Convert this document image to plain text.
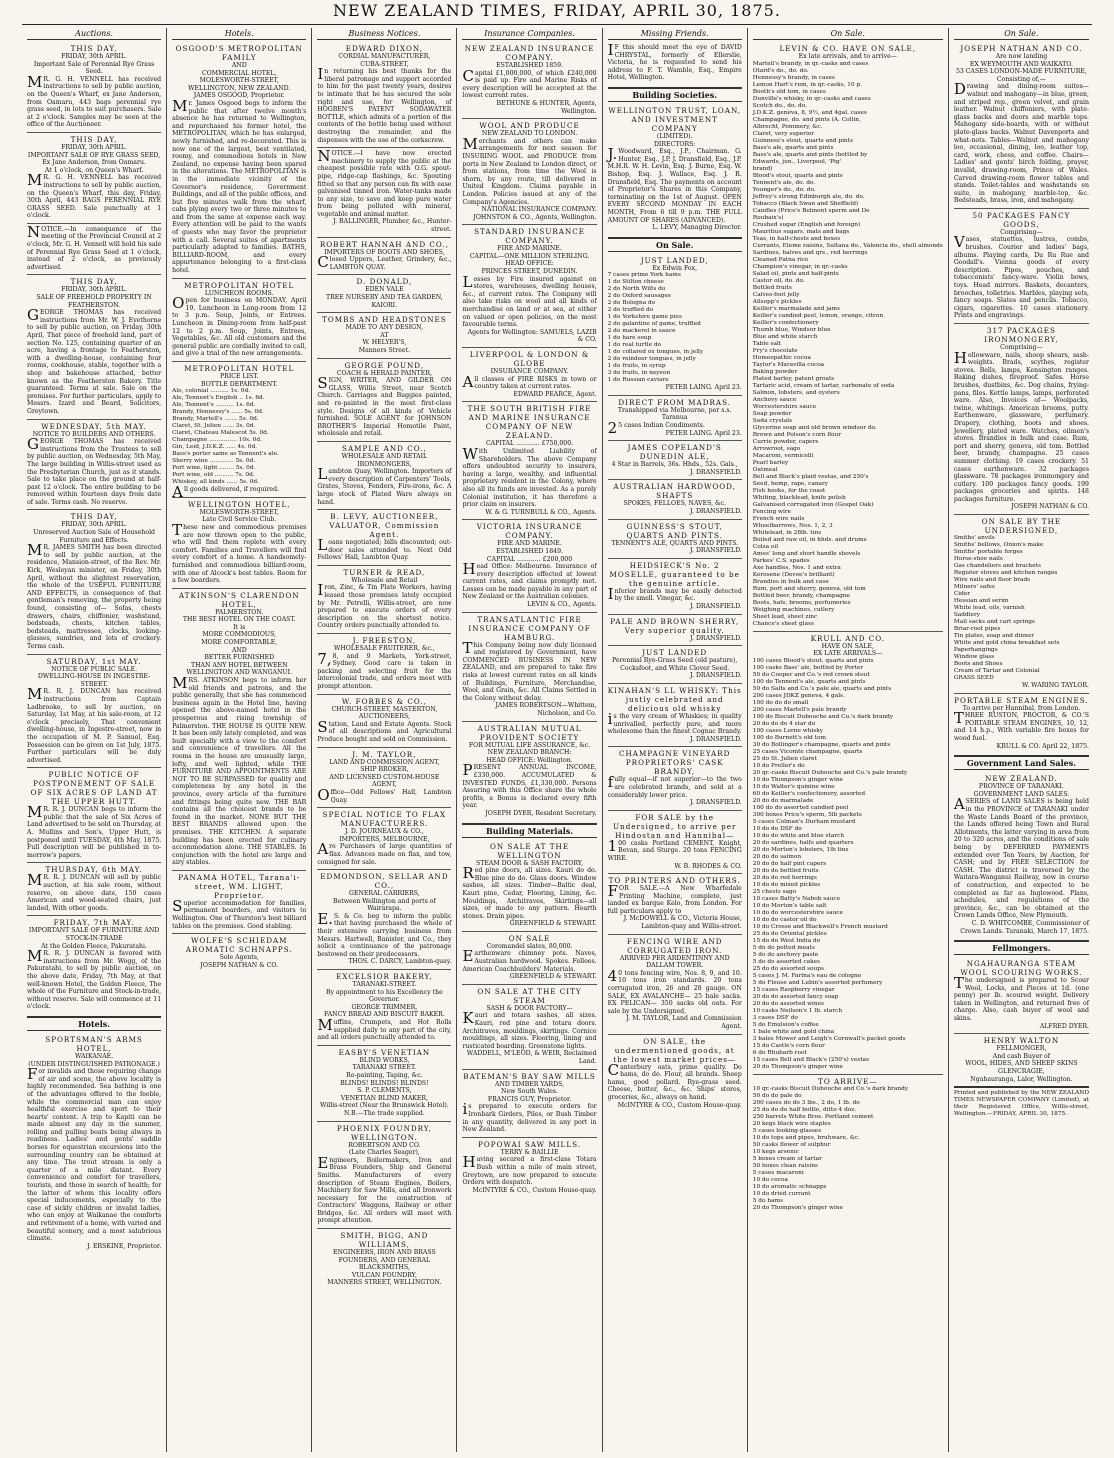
NEW ZEALAND TIMES, FRIDAY, APRIL 30, 1875.
Auctions.
THIS DAY,
FRIDAY, 30th APRIL.
Important Sale of Perennial Rye Grass Seed.
MR. G. H. VENNELL has received instructions to sell by public auction, on the Queen's Wharf, ex Jane Anderson, from Oamaru, 443 bags perennial rye grass seed, in lots to suit purchasers. Sale at 2 o'clock. Samples may be seen at the office of the Auctioneer.
THIS DAY,
FRIDAY, 30th APRIL.
IMPORTANT SALE OF RYE GRASS SEED,
Ex Jane Anderson, from Oamaru.
At 1 o'clock, on Queen's Wharf.
MR. G. H. VENNELL has received instructions to sell by public auction, on the Queen's Wharf, this day, Friday, 30th April, 443 BAGS PERENNIAL RYE GRASS SEED. Sale punctually at 1 o'clock.
NOTICE.—In consequence of the meeting of the Provincial Council at 2 o'clock, Mr. G. H. Vennell will hold his sale of Perennial Rye Grass Seed at 1 o'clock, instead of 2 o'clock, as previously advertised.
THIS DAY,
FRIDAY, 30th APRIL.
SALE OF FREEHOLD PROPERTY IN FEATHERSTON.
GEORGE THOMAS has received instructions from Mr. W. J. Eyethorne to sell by public auction, on Friday, 30th April, That piece of freehold land, part of section No. 125, containing quarter of an acre, having a frontage to Featherston, with a dwelling-house, containing four rooms, cookhouse, stable, together with a shop and bakehouse attached, better known as the Featherston Bakery. Title guaranteed. Terms at sale. Sale on the premises. For further particulars, apply to Messrs. Izard and Beard, Solicitors, Greytown.
WEDNESDAY, 5th MAY.
NOTICE TO BUILDERS AND OTHERS.
GEORGE THOMAS has received instructions from the Trustees to sell by public auction, on Wednesday, 5th May, The large building in Willis-street used as the Presbyterian Church, just as it stands. Sale to take place on the ground at half-past 12 o'clock. The entire building to be removed within fourteen days from date of sale. Terms cash. No reserve.
THIS DAY,
FRIDAY, 30th APRIL.
Unreserved Auction Sale of Household Furniture and Effects.
MR. JAMES SMITH has been directed to sell by public auction, at the residence, Mansion-street, of the Rev. Mr. Kirk, Wesleyan minister, on Friday, 30th April, without the slightest reservation, the whole of the USEFUL FURNITURE AND EFFECTS, in consequence of that gentleman's removing, the property being found, consisting of— Sofas, chests drawers, chairs, chiffonier, washstand, bedsteads, chests, kitchen tables, bedsteads, mattresses, clocks, looking-glasses, sundries, and lots of crockery. Terms cash.
SATURDAY, 1st MAY.
NOTICE OF PUBLIC SALE.
DWELLING-HOUSE IN INGESTRE-STREET.
MR. R. J. DUNCAN has received instructions from Captain Ladbrooke, to sell by auction, on Saturday, 1st May, at his sale-room, at 12 o'clock precisely, That convenient dwelling-house, in Ingestre-street, now in the occupation of M. P. Samuel, Esq. Possession can be given on 1st July, 1875. Further particulars will be duly advertised.
PUBLIC NOTICE OF POSTPONEMENT OF SALE OF SIX ACRES OF LAND AT THE UPPER HUTT.
MR. R. J. DUNCAN begs to inform the public that the sale of Six Acres of Land advertised to be sold on Thursday, at A. Mullins and Son's, Upper Hutt, is postponed until TUESDAY, 4th May, 1875. Full description will be published in to-morrow's papers.
THURSDAY, 6th MAY.
MR. R. J. DUNCAN will sell by public auction, at his sale room, without reserve, on above date, 150 cases American and wood-seated chairs, just landed, With other goods.
FRIDAY, 7th MAY.
IMPORTANT SALE OF FURNITURE AND STOCK-IN-TRADE
At the Golden Fleece, Pakuratahi.
MR. R. J. DUNCAN is favored with instructions from Mr. Wogg, of the Pakuratahi, to sell by public auction, on the above date, Friday, 7th May, at that well-known Hotel, the Golden Fleece, The whole of the Furniture and Stock-in-trade, without reserve. Sale will commence at 11 o'clock.
Hotels.
SPORTSMAN'S ARMS HOTEL,
WAIKANAE.
(UNDER DISTINGUISHED PATRONAGE.)
For invalids and those requiring change of air and scene, the above locality is highly recommended. Sea bathing is one of the advantages offered to the feeble, while the commercial man can enjoy healthful exercise and sport to their hearts' content. A trip to Kapiti can be made almost any day in the summer, rolling and pulling boats being always in readiness. Ladies' and gents' saddle horses for equestrian excursions into the surrounding country can be obtained at any time. The trout stream is only a quarter of a mile distant. Every convenience and comfort for travellers, tourists, and those in search of health; for the latter of whom this locality offers special inducements, especially to the case of sickly children or invalid ladies, who can enjoy at Waikanae the comforts and retirement of a home, with varied and beautiful scenery, and a most salubrious climate.
J. ERSKINE, Proprietor.
Hotels.
OSGOOD'S METROPOLITAN FAMILY
AND
COMMERCIAL HOTEL,
MOLESWORTH-STREET,
WELLINGTON, NEW ZEALAND.
JAMES OSGOOD, Proprietor.
Mr. James Osgood begs to inform the public that after twelve month's absence he has returned to Wellington, and repurchased his former hotel, the METROPOLITAN, which he has enlarged, newly furnished, and re-decorated. This is now one of the largest, best ventilated, roomy, and commodious hotels in New Zealand, no expense having been spared in the alterations. The METROPOLITAN is in the immediate vicinity of the Governor's residence, Government Buildings, and all of the public offices, and but five minutes walk from the wharf, cabs plying every two or three minutes to and from the same at expense each way. Every attention will be paid to the wants of guests who may favor the proprietor with a call. Several suites of apartments particularly adapted to families. BATHS, BILLIARD-ROOM, and every appurtenance belonging to a first-class hotel.
METROPOLITAN HOTEL
LUNCHEON ROOMS.
Open for business on MONDAY, April 19. Luncheon in Long-room from 12 to 3 p.m. Soup, Joints, or Entrees. Luncheon in Dining-room from half-past 12 to 2 p.m. Soup, Joints, Entrees, Vegetables, &c. All old customers and the general public are cordially invited to call, and give a trial of the new arrangements.
METROPOLITAN HOTEL
PRICE LIST.
BOTTLE DEPARTMENT.
Ale, colonial .......... 1s. 0d.
Ale, Tennent's English .. 1s. 6d.
Ale, Tennent's .......... 1s. 6d.
Brandy, Hennessy's ...... 5s. 0d.
Brandy, Martell's ....... 5s. 0d.
Claret, St. Julien ...... 3s. 0d.
Claret, Chateau Malescot 5s. 0d.
Champagne ............... 10s. 0d.
Gin, Leid, J.D.K.Z. ..... 4s. 0d.
Bass's porter same as Tennent's ale.
Sherry wine ............. 5s. 0d.
Port wine, light ........ 5s. 0d.
Port wine, old .......... 7s. 0d.
Whiskey, all kinds ...... 5s. 0d.
All goods delivered, if required.
WELLINGTON HOTEL,
MOLESWORTH-STREET,
Late Civil Service Club.
These new and commodious premises are now thrown open to the public, who will find them replete with every comfort. Families and Travellers will find every comfort of a home. A handsomely-furnished and commodious billiard-room, with one of Alcock's best tables. Room for a few boarders.
ATKINSON'S CLARENDON HOTEL,
PALMERSTON.
THE BEST HOTEL ON THE COAST.
It is
MORE COMMODIOUS,
MORE COMFORTABLE,
AND
BETTER FURNISHED
THAN ANY HOTEL BETWEEN
WELLINGTON AND WANGANUI.
MRS. ATKINSON begs to inform her old friends and patrons, and the public generally, that she has commenced business again in the Hotel line, having opened the above-named hotel in the prosperous and rising township of Palmerston. THE HOUSE IS QUITE NEW. It has been only lately completed, and was built specially with a view to the comfort and convenience of travellers. All the rooms in the house are unusually large, lofty, and well lighted, while THE FURNITURE AND APPOINTMENTS ARE NOT TO BE SURPASSED for quality and completeness by any hotel in the province, every article of the furniture and fittings being quite new. THE BAR contains all the choicest brands to be found in the market. NONE BUT THE BEST BRANDS allowed upon the premises. THE KITCHEN. A separate building has been erected for culinary accommodation alone. THE STABLES. In conjunction with the hotel are large and airy stables.
PANAMA HOTEL, Tarana'i-street, WM. LIGHT, Proprietor.
Superior accommodation for families, permanent boarders, and visitors to Wellington. One of Thurston's best billiard tables on the premises. Good stabling.
WOLFE'S SCHIEDAM AROMATIC SCHNAPPS.
Sole Agents,
JOSEPH NATHAN & CO.
Business Notices.
EDWARD DIXON,
CORDIAL MANUFACTURER,
CUBA-STREET,
In returning his best thanks for the liberal patronage and support accorded to him for the past twenty years, desires to intimate that he has secured the sole right and use, for Wellington, of HOGBEN'S PATENT SODAWATER BOTTLE, which admits of a portion of the contents of the bottle being used without destroying the remainder, and the dispenses with the use of the corkscrew.
NOTICE.—I have now erected machinery to supply the public at the cheapest possible rate with O.G. spout-pipe, ridge-cap flashings, &c. Spouting fitted so that any person can fix with ease galvanised tinned iron. Water-tanks made to any size, to save and keep pure water from being polluted with mineral, vegetable and animal matter.
J. BALLINGER, Plumber, &c., Hunter-street.
ROBERT HANNAH AND CO.,
IMPORTERS OF BOOTS AND SHOES,
Closed Uppers, Leather, Grindery, &c., LAMBTON QUAY.
D. DONALD,
EDEN VALE
TREE NURSERY AND TEA GARDEN,
KAIORI.
TOMBS AND HEADSTONES
MADE TO ANY DESIGN,
AT
W. HELYER'S,
Manners Street.
GEORGE POUND,
COACH & HERALD PAINTER,
SIGN, WRITER, AND GILDER ON GLASS, Willis Street, near Scotch Church. Carriages and Buggies painted, and re-painted in the most first-class style. Designs of all kinds of Vehicle furnished. SOLE AGENT for JOHNSON BROTHER'S Imperial Homotile Paint, wholesale and retail.
SAMPLE AND CO.,
WHOLESALE AND RETAIL IRONMONGERS,
Lambton Quay, Wellington. Importers of every description of Carpenters' Tools, Grates, Stoves, Fenders, Fire-irons, &c. A large stock of Plated Ware always on hand.
B. LEVY, AUCTIONEER, VALUATOR, Commission Agent.
Loans negotiated; bills discounted; out-door sales attended to. Next Odd Fellows' Hall, Lambton Quay.
TURNER & READ,
Wholesale and Retail
Iron, Zinc, & Tin Plate Workers, having leased those premises lately occupied by Mr. Petrelli, Willis-street, are now prepared to execute orders of every description on the shortest notice. Country orders punctually attended to.
J. FREESTON,
WHOLESALE FRUITERER, &c.,
7,8, and 9 Markets, York-street, Sydney. Good care is taken in packing and selecting fruit for the intercolonial trade, and orders meet with prompt attention.
W. FORBES & CO.,
CHURCH-STREET, MASTERTON,
AUCTIONEERS,
Station, Land and Estate Agents. Stock of all descriptions and Agricultural Produce bought and sold on Commission.
J. M. TAYLOR,
LAND AND COMMISSION AGENT,
SHIP BROKER,
AND LICENSED CUSTOM-HOUSE AGENT,
Office—Odd Fellows' Hall, Lambton Quay.
SPECIAL NOTICE TO FLAX MANUFACTURERS.
J. D. JOURNEAUX & CO.,
IMPORTERS, MELBOURNE,
Are Purchasers of large quantities of flax. Advances made on flax, and tow, consigned for sale.
EDMONDSON, SELLAR AND CO.,
GENERAL CARRIERS,
Between Wellington and ports of Wairarapa.
E.S. & Co. beg to inform the public that having purchased the whole of their extensive carrying business from Messrs. Hartwell, Banister, and Co., they solicit a continuance of the patronage bestowed on their predecessors.
THOS. C. DARCY, Lambton-quay.
EXCELSIOR BAKERY,
TARANAKI-STREET.
By appointment to his Excellency the Governor.
GEORGE TRIMMER,
FANCY BREAD AND BISCUIT BAKER.
Muffins, Crumpets, and Hot Rolls supplied daily to any part of the city, and all orders punctually attended to.
EASBY'S VENETIAN
BLIND WORKS,
TARANAKI STREET.
Re-painting, Taping, &c.
BLINDS! BLINDS! BLINDS!
S. P. CLEMENTS,
VENETIAN BLIND MAKER,
Willis-street (Near the Brunswick Hotel).
N.B.—The trade supplied.
PHOENIX FOUNDRY, WELLINGTON.
ROBERTSON AND CO.
(Late Charles Seager),
Engineers, Boilermakers, Iron and Brass Founders, Ship and General Smiths. Manufacturers of every description of Steam Engines, Boilers, Machinery for Saw Mills, and all Ironwork necessary for the construction of Contractors' Waggons, Railway or other Bridges, &c. All orders will meet with prompt attention.
SMITH, BIGG, AND WILLIAMS,
ENGINEERS, IRON AND BRASS FOUNDERS, AND GENERAL BLACKSMITHS,
VULCAN FOUNDRY,
MANNERS STREET, WELLINGTON.
Insurance Companies.
NEW ZEALAND INSURANCE COMPANY.
ESTABLISHED 1859.
Capital £1,000,000, of which £240,000 is paid up. Fire and Marine Risks of every description will be accepted at the lowest current rates.
BETHUNE & HUNTER, Agents, Wellington.
WOOL AND PRODUCE
NEW ZEALAND TO LONDON.
Merchants and others can make arrangements for next season for INSURING WOOL and PRODUCE from ports in New Zealand to London direct, or from stations, from time the Wool is shorn, by any route, till delivered in United Kingdom. Claims payable in London. Policies issued at any of the Company's Agencies.
NATIONAL INSURANCE COMPANY. JOHNSTON & CO., Agents, Wellington.
STANDARD INSURANCE COMPANY.
FIRE AND MARINE.
CAPITAL—ONE MILLION STERLING.
HEAD OFFICE:
PRINCES STREET, DUNEDIN.
Losses by Fire insured against on stores, warehouses, dwelling houses, &c., at current rates. The Company will also take risks on wool and all kinds of merchandise on land or at sea, at either on valued or open policies, on the most favourable terms.
Agents for Wellington: SAMUELS, LAZIB & CO.
LIVERPOOL & LONDON & GLOBE
INSURANCE COMPANY.
All classes of FIRE RISKS in town or country taken at current rates.
EDWARD PEARCE, Agent.
THE SOUTH BRITISH FIRE AND MARINE INSURANCE COMPANY OF NEW ZEALAND.
CAPITAL ............ £750,000.
With Unlimited Liability of Shareholders. The above Company offers undoubted security to insurers, having a large, wealthy, and influential proprietary resident in the Colony, where also all its funds are invested. As a purely Colonial institution, it has therefore a prior claim on insurers.
W. & G. TURNBULL & CO., Agents.
VICTORIA INSURANCE COMPANY.
FIRE AND MARINE.
ESTABLISHED 1849.
CAPITAL ............ £200,000
Head Office: Melbourne. Insurance of every description effected at lowest current rates, and claims promptly met. Losses can be made payable in any part of New Zealand or the Australian colonies.
LEVIN & CO., Agents.
TRANSATLANTIC FIRE INSURANCE COMPANY OF HAMBURG.
This Company being now duly licensed and registered by Government, have COMMENCED BUSINESS IN NEW ZEALAND, and are prepared to take fire risks at lowest current rates on all kinds of Buildings, Furniture, Merchandise, Wool, and Grain, &c. All Claims Settled in the Colony without delay.
JAMES ROBERTSON—Whittem, Nicholson, and Co.
AUSTRALIAN MUTUAL PROVIDENT SOCIETY
FOR MUTUAL LIFE ASSURANCE, &c.
NEW ZEALAND BRANCH:
HEAD OFFICE: Wellington.
PRESENT ANNUAL INCOME, £330,000. ACCUMULATED & INVESTED FUNDS, £1,330,000. Persons Assuring with this Office share the whole profits, a Bonus is declared every fifth year.
JOSEPH DYER, Resident Secretary.
Building Materials.
ON SALE AT THE WELLINGTON
STEAM DOOR & SASH FACTORY,
Red pine doors, all sizes. Kauri do do. Blue pine do do. Glass doors. Window sashes, all sizes. Timber—Baltic deal, Kauri pine, Cedar, Flooring, Lining, &c. Mouldings, Architraves, Skirtings—all sizes, or made to any pattern. Hearth stones. Drain pipes.
GREENFIELD & STEWART.
ON SALE
Coromandel slates, 80,000.
Earthenware chimney pots. Naves, Australian hardwood. Spokes. Felloes. American Coachbuilders' Materials.
GREENFIELD & STEWART.
ON SALE AT THE CITY STEAM
SASH & DOOR FACTORY—
Kauri and totara sashes, all sizes. Kauri, red pine and totara doors. Architraves, mouldings, skirtings. Cornice mouldings, all sizes. Flooring, lining and rusticated boarding. Greenstone lights.
WADDELL, M'LEOD, & WEIR, Reclaimed Land.
BATEMAN'S BAY SAW MILLS
AND TIMBER YARDS,
New South Wales.
FRANCIS GUY, Proprietor.
is prepared to execute orders for Ironbark Girders, Piles, or Bush Timber in any quantity, delivered in any port in New Zealand.
POPOWAI SAW MILLS.
TERRY & BAILLIE
Having secured a first-class Totara Bush within a mile of main street, Greytown, are now prepared to execute Orders with despatch.
McINTYRE & CO., Custom House-quay.
Missing Friends.
IF this should meet the eye of DAVID CHRYSTAL, formerly of Ellerslie, Victoria, he is requested to send his address to F. T. Wamble, Esq., Empire Hotel, Wellington.
Building Societies.
WELLINGTON TRUST, LOAN, AND INVESTMENT COMPANY
(LIMITED).
DIRECTORS:
J.Woodward, Esq., J.P., Chairman. G. Hunter, Esq., J.P. J. Dransfield, Esq., J.P. M.H.R. W. H. Levin, Esq. J. Burne, Esq. W. Bishop, Esq. J. Wallace, Esq. J. R. Dransfield, Esq. The payments on account of Proprietor's Shares in this Company, terminating on the 1st of August. OPEN EVERY SECOND MONDAY IN EACH MONTH, From 6 till 9 p.m. THE FULL AMOUNT OF SHARES (ADVANCED).
L. LEVY, Managing Director.
On Sale.
JUST LANDED,
Ex Edwin Fox,
7 cases prime York hams
1 do Stilton cheese
2 do North Wilts do
2 do Oxford sausages
2 do Bologna do
2 do truffled do
1 do Yorkshire game pies
2 do galantine of game, truffled
2 do mackerel in sauce
1 do hare soup
1 do real turtle do
1 do collared ox tongues, in jelly
2 do reindeer tongues, in jelly
1 do fruits, in syrup
3 do fruits, in neyeon
1 do Russian caviare
PETER LAING. April 23.
DIRECT FROM MADRAS.
Transhipped via Melbourne, per s.s. Taranua
25 cases Indian Condiments.
PETER LAING. April 23.
JAMES COPELAND'S DUNEDIN ALE,
4 Star in Barrels, 36s. Hhds., 52s. Gals.,
J. DRANSFIELD.
AUSTRALIAN HARDWOOD, SHAFTS
SPOKES, FELLOES, NAVES, &c.
J. DRANSFIELD.
GUINNESS'S STOUT, QUARTS AND PINTS.
TENNENT'S ALE, QUARTS AND PINTS.
J. DRANSFIELD.
HEIDSIECK'S No. 2 MOSELLE, guaranteed to be the genuine article.
Inferior brands may be easily detected by the smell. Vinegar, &c.
J. DRANSFIELD.
PALE AND BROWN SHERRY, Very superior quality.
J. DRANSFIELD.
JUST LANDED
Perennial Rye-Grass Seed (old pasture), Cocksfoot, and White Clover Seed.
J. DRANSFIELD.
KINAHAN'S LL WHISKY: This justly celebrated and delicious old whisky
is the very cream of Whiskies; in quality unrivalled, perfectly pure, and more wholesome than the finest Cognac Brandy.
J. DRANSFIELD.
CHAMPAGNE VINEYARD PROPRIETORS' CASK BRANDY,
fully equal—if not superior—to the two are celebrated brands, and sold at a considerably lower price.
J. DRANSFIELD.
FOR SALE by the Undersigned, to arrive per Hindostan and Hannibal—
100 casks Portland CEMENT, Knight, Bevan, and Sturge. 20 tons FENCING WIRE.
W. B. RHODES & CO.
TO PRINTERS AND OTHERS.
FOR SALE.—A New Wharfedale Printing Machine, complete, just landed ex barque Kelo, from London. For full particulars apply to
J. McDOWELL & CO., Victoria House, Lambton-quay and Willis-street.
FENCING WIRE AND CORRUGATED IRON.
ARRIVED PER ARDENTINNY AND DALLAM TOWER.
40 tons fencing wire, Nos. 8, 9, and 10. 10 tons iron standards. 20 tons corrugated iron, 26 and 28 gauge. ON SALE, EX AVALANCHE— 25 bale sacks. EX PELICAN— 350 sacks old oats. For sale by the Undersigned,
J. M. TAYLOR, Land and Commission Agent.
ON SALE, the undermentioned goods, at the lowest market prices—
Canterbury oats, prime quality. Do hams, do do. Flour, all brands. Sheep hams, good pollard. Rye-grass seed. Cheese, butter, &c., &c. Ships' stores, groceries, &c., always on hand.
McINTYRE & CO., Custom House-quay.
On Sale.
LEVIN & CO. HAVE ON SALE,
Ex late arrivals, and to arrive—
Martell's brandy, in qr.-casks and cases
Otard's do., do. do.
Hennessy's brandy, in cases
Lemon Hart's rum, in qr.-casks, 10 p.
Booth's old tom, in cases
Dunville's whisky, in qr.-casks and cases
Scotch do., do. do.
J.D.K.Z. geneva, 8, 9½, and 4gal. cases
Champagne, do. and pints (A. Collin,
Albrecht, Pommery, &c.
Claret, very superior
Guinness's stout, quarts and pints
Bass's ale, quarts and pints
Bass's ale, quarts and pints (bottled by
Edwards, jun., Liverpool, 'Pig'
brand)
Blood's stout, quarts and pints
Tennent's ale, do. do.
Younger's do., do. do.
Jeffrey's strong Edinburgh ale, do. do.
Tobacco (Black Swan and Sheffield)
Candles (Price's Belmont sperm and De
Roubaix's)
Crushed sugar (English and foreign)
Mauritius sugars, mats and bags
Teas, in half-chests and boxes
Currants, Eleme raisins, Sultana do., Valencia do., shell almonds
Sardines, halves and qrs., red herrings
Cleaned Patna rice
Champion's vinegar, in qr.-casks
Salad oil, pints and half-pints
Castor oil, do. do.
Bottled fruits
Calves-foot jelly
Allsopp's pickles
Keiller's marmalade and jams
Keiller's candied peel, lemon, orange, citron
Keiller's confectionery
Thumb blue, Windsor blue
Blue and white starch
Table salt
Fry's chocolate
Homeopathic cocoa
Taylor's Maravilla cocoa
Baking powder
Plated barley, patent groats
Tartaric acid, cream of tartar, carbonate of soda
Salmon, lobsters, and oysters
Anchovy sauce
Worcestershire sauce
Soap powder
Soda crystals
Glycerine soap and old brown windsor do.
Brown and Polson's corn flour
Currie powder, capers
Arrowroot, sago
Macaroni, vermicelli
Pearl barley
Oatmeal
Bell and Black's plaid vestas, and 250's
Seed, hemp, rape, canary
Fish hooks, for the coast
Whiting, blacklead, knife polish
Galvanised corrugated iron (Gospel Oak)
Fencing wire
French wire nails
Wheelbarrows, Nos. 1, 2, 3
Whitelead, in 28lb. tins
Boiled and raw oil, in hhds. and drums
Colza oil
Ames' long and short handle shovels
Parkes' C.S. spades
Axe handles, Nos. 1 and extra
Kerosene (Devoe's brilliant)
Brandies in bulk and case
Rum, port and sherry, geneva, old tom
Bottled beer, brandy, champagne
Boots, hats, brooms, perfumeries
Weighing machines, cutlery
Sheet lead, sheet zinc
Chance's sheet glass
KRULL AND CO.
HAVE ON SALE,
EX LATE ARRIVALS—
100 cases Blood's stout, quarts and pints
100 casks Bass' ale, bottled by Porter
50 do Cooper and Co.'s red crown stout
100 do Tennent's ale, quarts and pints
50 do Salts and Co.'s pale ale, quarts and pints
200 cases JDKZ geneva, 4 gals.
100 do do do small
200 cases Martell's pale brandy
100 do Biscuit Dubouche and Co.'s dark brandy
20 do do do 4 star do
100 cases Lorne whisky
100 do Burnett's old tom
30 do Bollinger's champagne, quarts and pints
25 cases Vicomte champagne, quarts
25 do St. Julien claret
10 do Preller's do
20 qr.-casks Biscuit Dubouche and Co.'s pale brandy
10 do Thompson's ginger wine
10 do Walter's quinine wine
60 do Keiller's confectionery, assorted
20 do do marmalade
100 do do assorted candied peel
300 boxes Price's sperm, 5lb packets
5 cases Colman's Durham mustard
10 do do DSF do
10 do do white and blue starch
20 do sardines, halfs and quarters
20 do Morton's lobsters, 1lb tins
20 do do salmon
20 do do half pint capers
20 do do bottled fruits
20 do do red herrings
10 do do mixed pickles
25 chests sago
10 cases Batty's Nabob sauce
10 do Morton's table salt
10 do do worcestershire sauce
10 do do castor oil do
10 do Crosse and Blackwell's French mustard
25 do do Oriental pickles
15 do do West India do
5 do do potted meats
5 do do anchovy paste
5 do do assorted cakes
25 do do assorted soups
5 cases J. M. Farina's eau de cologne
5 do Fleuse and Lubin's assorted perfumery
15 cases Raspberry vinegar
20 do do assorted fancy soap
20 do do assorted wines
10 casks Neilson's 1 lb. starch
3 cases DSF do
5 do Emulsion's coffee
1 bale white and gold china
3 bales Mower and Leigh's Cornwall's packet goods
15 do Castle's corn flour
6 do Rhubarb root
15 cases Bell and Black's (250's) vestas
20 do Thompson's ginger wine
TO ARRIVE—
10 qr.-casks Biscuit Dubouche and Co.'s dark brandy
50 do do pale do
200 cases do do 3 lbs., 2 do, 1 lb. do
25 do do do half bottle, ditto 4 doz.
250 barrels White Bros. Portland cement
20 kegs black wire staples
5 cases looking-glasses
10 do tops and pipes, bruhware, &c.
50 casks flower of sulphur
10 kegs arsenic
5 boxes cream of tartar
50 boxes clean raisins
5 cases macaroni
10 do cocoa
10 do aromatic schnapps
10 do dried currant
5 do hams
20 do Thompson's ginger wine
On Sale.
JOSEPH NATHAN AND CO.
Are now landing
EX WEYMOUTH AND WAIKATO.
53 CASES LONDON-MADE FURNITURE,
Consisting of,—
Drawing and dining-room suites—walnut and mahogany—in blue, green, and striped rep., green velvet, and grain leather. Walnut chiffoniers, with plate-glass backs and doors and marble tops. Mahogany side-boards, with or without plate-glass backs. Walnut Davenports and what-nots. Tables—Walnut and mahogany loo, occasional, dining, loo, leather top, card, work, chess, and coffee. Chairs—Ladies' and gents' birch folding, prayer, invalid, drawing-room, Prince of Wales. Carved drawing-room flower tables and stands. Toilet-tables and washstands en suite, in mahogany, marble-top, &c. Bedsteads, brass, iron, and mahogany.
50 PACKAGES FANCY GOODS,
Comprising—
Vases, statuettes, lustres, combs, brushes. Courier and ladies' bags, albums. Playing cards, Du Ru Rue and Goodall's. Vienna goods of every description. Pipes, pouches, and tobacconists' fancy-ware. Violin bows, toys. Head mirrors. Baskets, decanters, brooches, tolletries. Marbles, playing sets, fancy soaps. Slates and pencils. Tobacco, cigars, cigarettes. 10 cases stationery. Prints and engravings.
317 PACKAGES IRONMONGERY,
Comprising—
Hollowware, nails, shoop shears, sash-weights. Brads, scythes, register stoves. Bells, lamps, Kensington ranges. Baking dishes, fireproof. Safes. Horse brushes, dustbins, &c. Dog chains, frying-pans, files. Kettle lamps, lamps, perforated ware. Also, Invoices of— Woolpacks, twine, whitings. American brooms, putty. Earthenware, glassware, perfumery. Drapery, clothing, boots and shoes. Jewellery, plated ware. Watches, oilmen's stores. Brandies in bulk and case. Rum, port and sherry, geneva, old tom. Bottled beer, brandy, champagne. 25 cases summer clothing. 19 cases crockery. 51 cases earthenware. 32 packages glassware. 78 packages ironmongery and cutlery. 100 packages fancy goods. 199 packages groceries and spirits. 148 packages furniture.
JOSEPH NATHAN & CO.
ON SALE BY THE UNDERSIGNED,
Smiths' anvils
Smiths' bellows, Onion's make
Smiths' portable forges
Horse-shoe nails
Gas chandeliers and brackets
Register stoves and kitchen ranges
Wire nails and floor brads
Milners' safes
Cider
Hessian and serim
White lead, oils, varnish
Saddlery
Mail sacks and cart springs
Briar-root pipes
Tin plates, soap and dinner
White and gold china breakfast sets
Paperhangings
Window glass
Boots and Shoes
Cream of Tartar and Colonial
GRASS SEED
W. WARING TAYLOR.
PORTABLE STEAM ENGINES.
To arrive per Hannibal, from London.
THREE RUSTON, PROCTOR, & CO.'S PORTABLE STEAM ENGINES, 10, 12, and 14 h.p., With variable fire boxes for wood fuel.
KRULL & CO. April 22, 1875.
Government Land Sales.
NEW ZEALAND.
PROVINCE OF TARANAKI.
GOVERNMENT LAND SALES.
ASERIES of LAND SALES is being held in the PROVINCE of TARANAKI under the Waste Lands Board of the province, the Lands offered being Town and Rural Allotments, the latter varying in area from 20 to 320 acres, and the conditions of sale being by DEFERRED PAYMENTS extended over Ten Years, by Auction, for CASH; and by FREE SELECTION for CASH. The district is traversed by the Waitara-Wanganui Railway, now in course of construction, and expected to be completed as far as Inglewood. Plans, schedules, and regulations of the province, &c., can be obtained at the Crown Lands Office, New Plymouth.
C. D. WHITCOMBE, Commissioner of Crown Lands. Taranaki, March 17, 1875.
Fellmongers.
NGAHAURANGA STEAM WOOL SCOURING WORKS.
The undersigned is prepared to Scour Wool, Locks, and Pieces at 1d. (one penny) per lb. scoured weight. Delivery taken in Wellington, and returned free of charge. Also, cash buyer of wool and skins.
ALFRED DYER.
HENRY WALTON
FELLMONGER,
And cash Buyer of
WOOL, HIDES, AND SHEEP SKINS
GLENCRAGIE,
Ngahauranga, Lalor, Wellington.
Printed and published by the NEW ZEALAND TIMES NEWSPAPER COMPANY (Limited), at their Registered Office, Willis-street, Wellington.—FRIDAY, APRIL 30, 1875.
